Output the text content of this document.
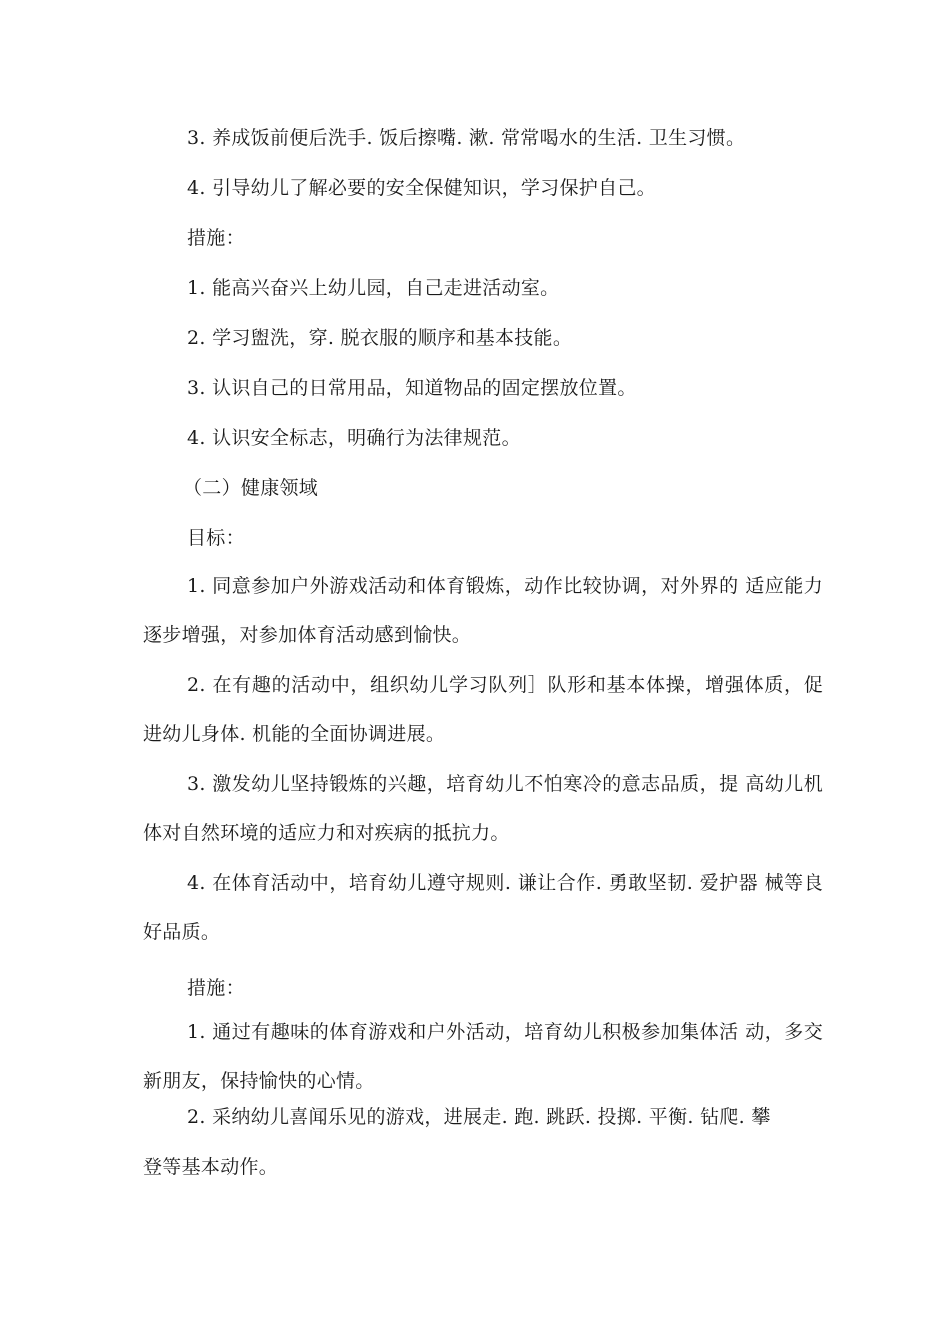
3. 养成饭前便后洗手. 饭后擦嘴. 漱. 常常喝水的生活. 卫生习惯。
4. 引导幼儿了解必要的安全保健知识，学习保护自己。
措施：
1. 能高兴奋兴上幼儿园，自己走进活动室。
2. 学习盥洗，穿. 脱衣服的顺序和基本技能。
3. 认识自己的日常用品，知道物品的固定摆放位置。
4. 认识安全标志，明确行为法律规范。
（二）健康领域
目标：
1. 同意参加户外游戏活动和体育锻炼，动作比较协调，对外界的 适应能力逐步增强，对参加体育活动感到愉快。
2. 在有趣的活动中，组织幼儿学习队列］队形和基本体操，增强体质，促进幼儿身体. 机能的全面协调进展。
3. 激发幼儿坚持锻炼的兴趣，培育幼儿不怕寒冷的意志品质，提 高幼儿机体对自然环境的适应力和对疾病的抵抗力。
4. 在体育活动中，培育幼儿遵守规则. 谦让合作. 勇敢坚韧. 爱护器 械等良好品质。
措施：
1. 通过有趣味的体育游戏和户外活动，培育幼儿积极参加集体活 动，多交新朋友，保持愉快的心情。
2. 采纳幼儿喜闻乐见的游戏，进展走. 跑. 跳跃. 投掷. 平衡. 钻爬. 攀
登等基本动作。
